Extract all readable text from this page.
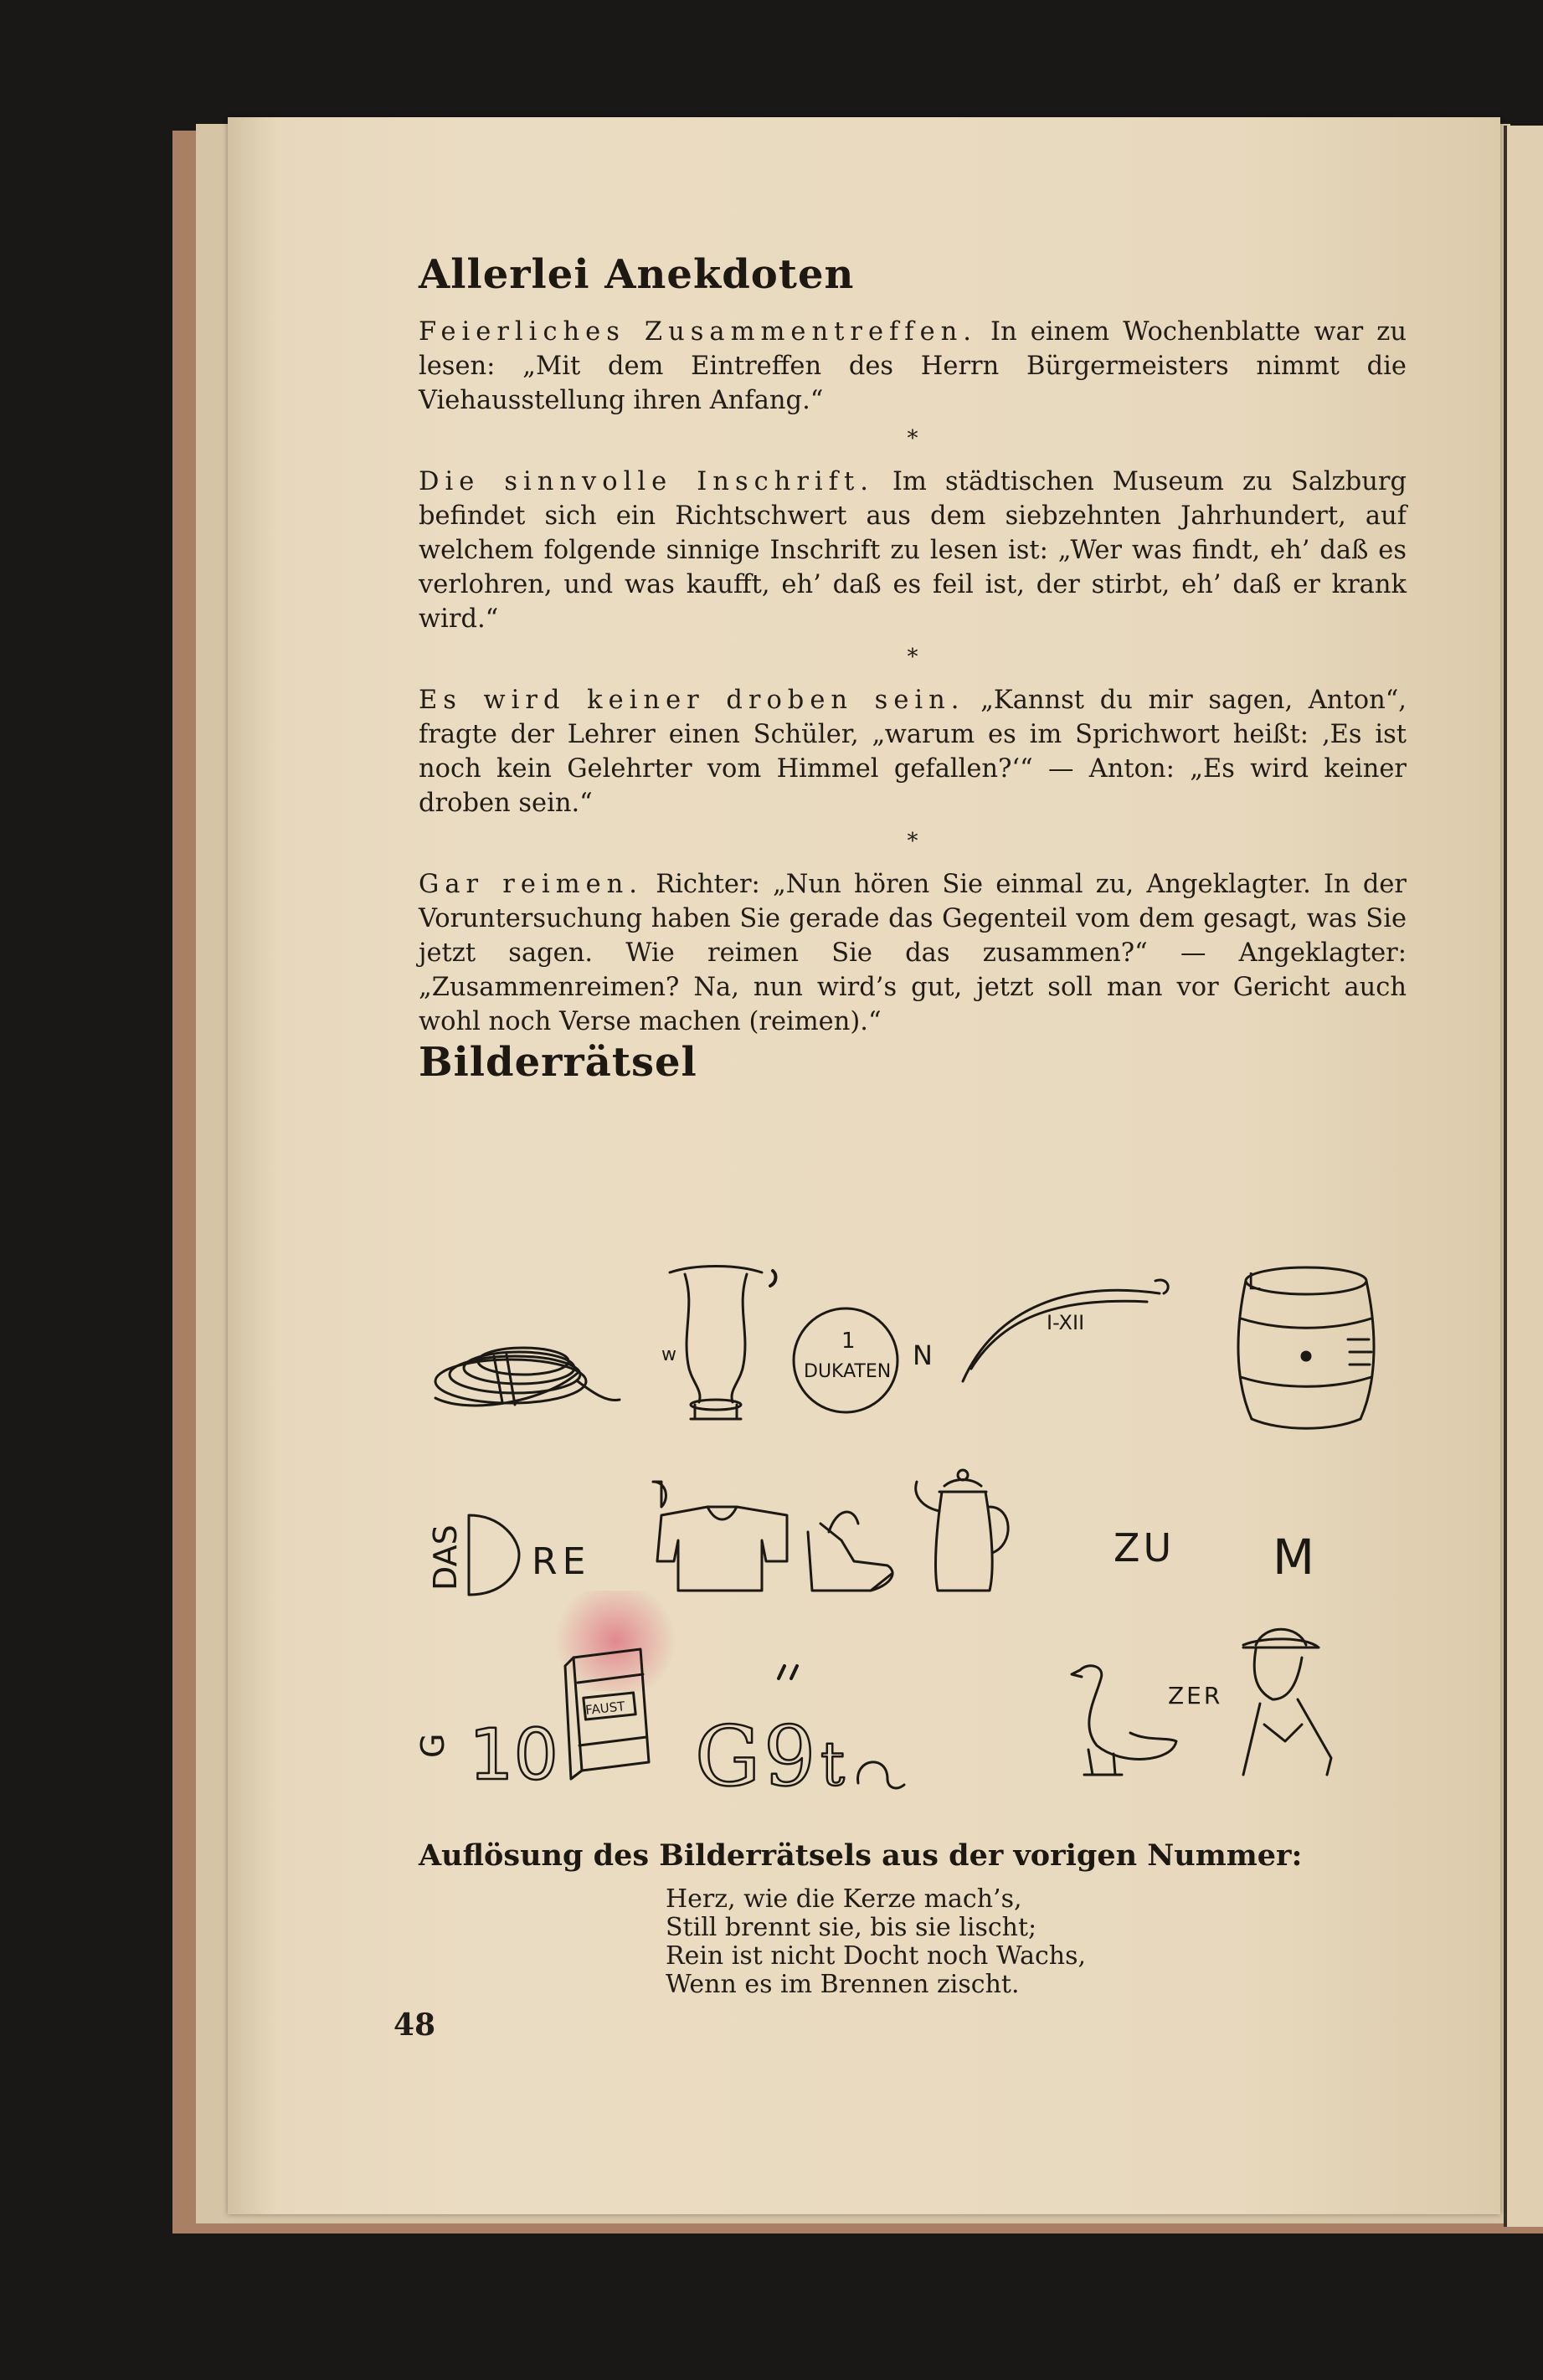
Allerlei Anekdoten

Feierliches Zusammentreffen. In einem Wochenblatte war zu lesen: „Mit dem Eintreffen des Herrn Bürgermeisters nimmt die Viehausstellung ihren Anfang.“

*

Die sinnvolle Inschrift. Im städtischen Museum zu Salzburg befindet sich ein Richtschwert aus dem siebzehnten Jahrhundert, auf welchem folgende sinnige Inschrift zu lesen ist: „Wer was findt, eh’ daß es verlohren, und was kaufft, eh’ daß es feil ist, der stirbt, eh’ daß er krank wird.“

*

Es wird keiner droben sein. „Kannst du mir sagen, Anton“, fragte der Lehrer einen Schüler, „warum es im Sprichwort heißt: ‚Es ist noch kein Gelehrter vom Himmel gefallen?‘“ — Anton: „Es wird keiner droben sein.“

*

Gar reimen. Richter: „Nun hören Sie einmal zu, Angeklagter. In der Voruntersuchung haben Sie gerade das Gegenteil vom dem gesagt, was Sie jetzt sagen. Wie reimen Sie das zusammen?“ — Angeklagter: „Zusammenreimen? Na, nun wird’s gut, jetzt soll man vor Gericht auch wohl noch Verse machen (reimen).“

Bilderrätsel
w
1
DUKATEN
N
I-XII
L
DAS RE	ZU M
G 10
FAUST
G 9 t
ZER
Auflösung des Bilderrätsels aus der vorigen Nummer:
Herz, wie die Kerze mach’s,
Still brennt sie, bis sie lischt;
Rein ist nicht Docht noch Wachs,
Wenn es im Brennen zischt.
48
